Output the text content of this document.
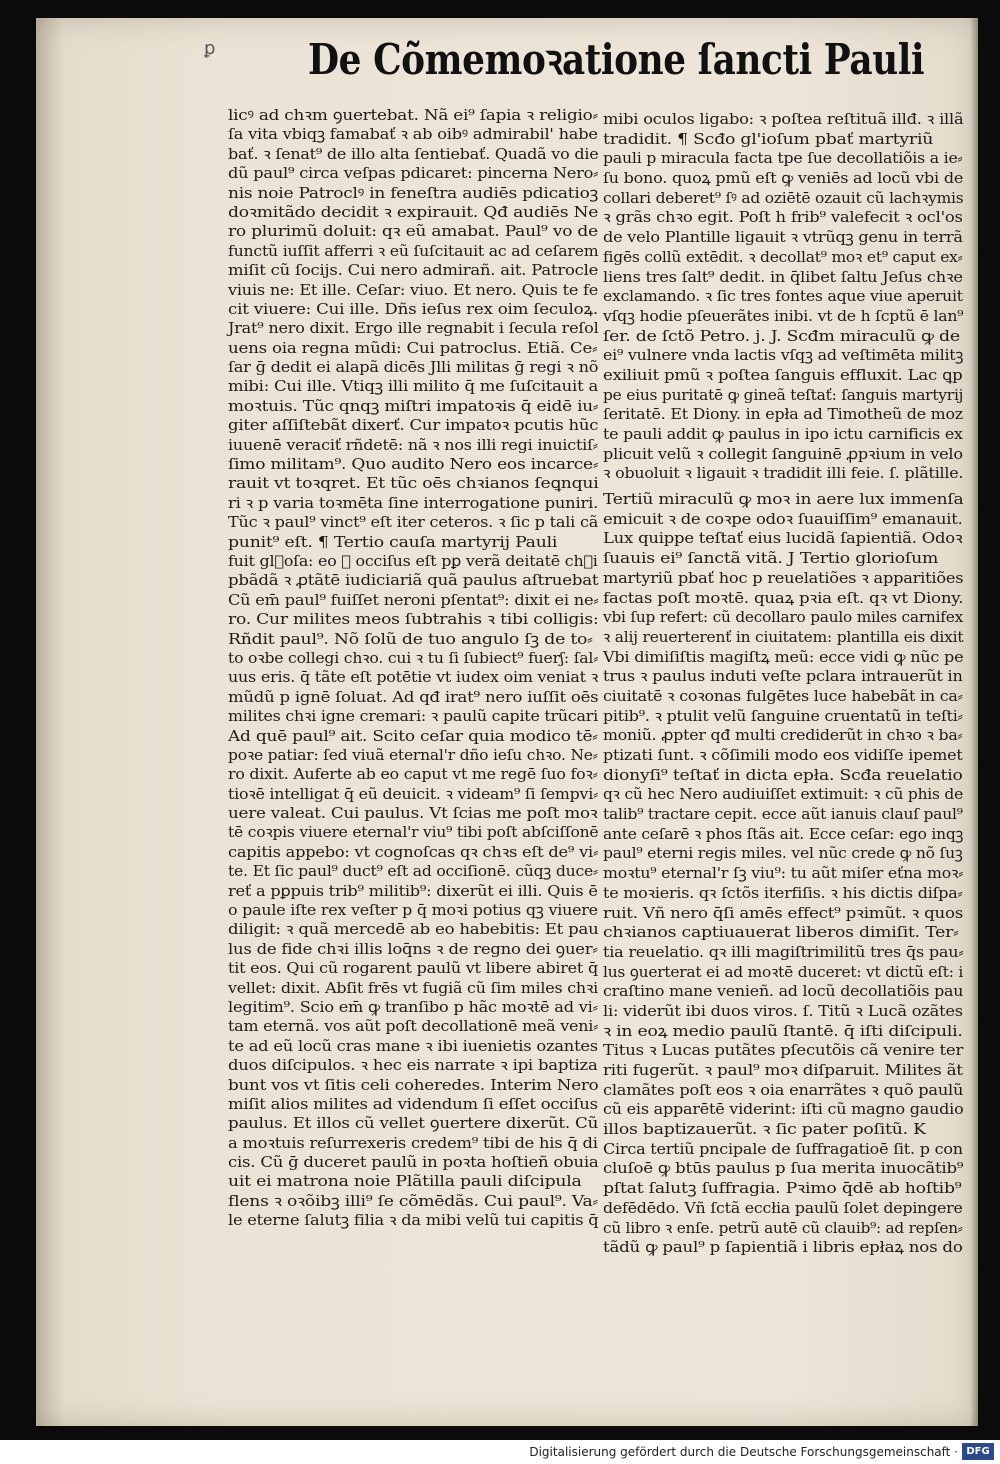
ꝑ De Cõmemoꝛatione ſancti Pauli
licꝰ ad chꝛm ꝯuertebat. Nã ei⁹ ſapia ꝛ religio⸗
ſa vita vbiqꝫ famabať ꝛ ab oibꝰ admirabil' habe
bať. ꝛ ſenat⁹ de illo alta ſentiebať. Quadã vo die
dũ paul⁹ circa veſpas pdicaret: pincerna Nero⸗
nis noie Patroclꝰ in feneſtra audiēs pdicatioꝫ
doꝛmitãdo decidit ꝛ expirauit. Qđ audiēs Ne
ro plurimũ doluit: qꝛ eũ amabat. Paul⁹ vo de
functũ iuſſit afferri ꝛ eũ ſuſcitauit ac ad ceſarem
miſit cũ ſocijs. Cui nero admirañ. ait. Patrocle
viuis ne: Et ille. Ceſar: viuo. Et nero. Quis te fe
cit viuere: Cui ille. Dñs ieſus rex oim ſeculoꝝ.
Jrat⁹ nero dixit. Ergo ille regnabit i ſecula reſol
uens oia regna mũdi: Cui patroclus. Etiã. Ce⸗
ſar ḡ dedit ei alapã dicēs Jlli militas ḡ regi ꝛ nõ
mibi: Cui ille. Vtiqꝫ illi milito q̄ me ſuſcitauit a
moꝛtuis. Tũc qnqꝫ miſtri impatoꝛis q̄ eidē iu⸗
giter aſſiſtebãt dixerť. Cur impatoꝛ pcutis hũc
iuuenē veraciť rñdetē: nã ꝛ nos illi regi inuictiſ⸗
ſimo militam⁹. Quo audito Nero eos incarce⸗
rauit vt toꝛqret. Et tũc oēs chꝛianos ſeꝗnqui
ri ꝛ p varia toꝛmēta ſine interrogatione puniri.
Tũc ꝛ paul⁹ vinct⁹ eſt iter ceteros. ꝛ ſic p tali cã
punit⁹ eſt. ¶ Tertio cauſa martyrij Pauli
fuit glᷓoſa: eo ꝙ occiſus eſt pꝑ verã deitatē chꝛi
pbãdã ꝛ ꝓtãtē iudiciariã quã paulus aſtruebat
Cũ em̄ paul⁹ fuiſſet neroni pſentat⁹: dixit ei ne⸗
ro. Cur milites meos ſubtrahis ꝛ tibi colligis:
Rñdit paul⁹. Nõ ſolũ de tuo angulo ſꝫ de to⸗
to oꝛbe collegi chꝛo. cui ꝛ tu ſi ſubiect⁹ fuerʃ: ſal⸗
uus eris. q̄ tãte eſt potētie vt iudex oim veniat ꝛ
mũdũ p ignē ſoluat. Ad qđ irat⁹ nero iuſſit oēs
milites chꝛi igne cremari: ꝛ paulũ capite trũcari
Ad quē paul⁹ ait. Scito ceſar quia modico tē⸗
poꝛe patiar: ſed viuã eternal'r dño ieſu chꝛo. Ne⸗
ro dixit. Auferte ab eo caput vt me regē ſuo foꝛ⸗
tioꝛē intelligat q̄ eũ deuicit. ꝛ videam⁹ ſi ſempvi⸗
uere valeat. Cui paulus. Vt ſcias me poſt moꝛ
tē coꝛpis viuere eternal'r viu⁹ tibi poſt abſciſſonē
capitis appebo: vt cognoſcas qꝛ chꝛs eſt de⁹ vi⸗
te. Et ſic paul⁹ duct⁹ eſt ad occiſionē. cũqꝫ duce⸗
reť a pꝑpuis trib⁹ militib⁹: dixerũt ei illi. Quis ē
o paule iſte rex veſter p q̄ moꝛi potius qꝫ viuere
diligit: ꝛ quã mercedē ab eo habebitis: Et pau
lus de fide chꝛi illis loq̄ns ꝛ de regno dei ꝯuer⸗
tit eos. Qui cũ rogarent paulũ vt libere abiret q̄
vellet: dixit. Abſit frēs vt fugiã cũ ſim miles chꝛi
legitim⁹. Scio em̄ ꝙ tranſibo p hãc moꝛtē ad vi⸗
tam eternã. vos aũt poſt decollationē meã veni⸗
te ad eũ locũ cras mane ꝛ ibi iuenietis ozantes
duos diſcipulos. ꝛ hec eis narrate ꝛ ipi baptiza
bunt vos vt ſitis celi coheredes. Interim Nero
miſit alios milites ad videndum ſi eſſet occiſus
paulus. Et illos cũ vellet ꝯuertere dixerũt. Cũ
a moꝛtuis reſurrexeris credem⁹ tibi de his q̄ di
cis. Cũ ḡ duceret paulũ in poꝛta hoſtieñ obuia
uit ei matrona noie Plãtilla pauli diſcipula
flens ꝛ oꝛõibꝫ illi⁹ ſe cõmēdãs. Cui paul⁹. Va⸗
le eterne ſalutꝫ filia ꝛ da mibi velũ tui capitis q̄
mibi oculos ligabo: ꝛ poſtea reſtituã illđ. ꝛ illã
tradidit. ¶ Scđo gl'ioſum pbať martyriũ
pauli p miracula facta tpe ſue decollatiõis a ie⸗
ſu bono. quoꝝ pmũ eſt ꝙ veniēs ad locũ vbi de
collari deberet⁹ ſꝰ ad oziētē ozauit cũ lachꝛymis
ꝛ grãs chꝛo egit. Poſt h frib⁹ valefecit ꝛ ocl'os
de velo Plantille ligauit ꝛ vtrũqꝫ genu in terrã
figēs collũ extēdit. ꝛ decollat⁹ moꝛ et⁹ caput ex⸗
liens tres ſalt⁹ dedit. in q̄libet ſaltu Jeſus chꝛe
exclamando. ꝛ ſic tres fontes aque viue aperuit
vſqꝫ hodie pſeuerãtes inibi. vt de h ſcptũ ē lan⁹
ſer. de ſctõ Petro. j. J. Scđm miraculũ ꝙ de
ei⁹ vulnere vnda lactis vſqꝫ ad veſtimēta militꝫ
exiliuit pmũ ꝛ poſtea ſanguis effluxit. Lac ꝗp
pe eius puritatē ꝙ gineã teſtať: ſanguis martyrij
ſeritatē. Et Diony. in epła ad Timotheũ de moz
te pauli addit ꝙ paulus in ipo ictu carnificis ex
plicuit velũ ꝛ collegit ſanguinē ꝓpꝛium in velo
ꝛ obuoluit ꝛ ligauit ꝛ tradidit illi feie. ſ. plãtille.
Tertiũ miraculũ ꝙ moꝛ in aere lux immenſa
emicuit ꝛ de coꝛpe odoꝛ ſuauiſſim⁹ emanauit.
Lux quippe teſtať eius lucidã ſapientiã. Odoꝛ
ſuauis ei⁹ ſanctã vitã. J Tertio glorioſum
martyriũ pbať hoc p reuelatiões ꝛ apparitiões
factas poſt moꝛtē. quaꝝ pꝛia eſt. qꝛ vt Diony.
vbi ſup refert: cũ decollaro paulo miles carnifex
ꝛ alij reuerterenť in ciuitatem: plantilla eis dixit
Vbi dimiſiſtis magiſtꝝ meũ: ecce vidi ꝙ nũc pe
trus ꝛ paulus induti veſte pclara intrauerũt in
ciuitatē ꝛ coꝛonas fulgētes luce habebãt in ca⸗
pitib⁹. ꝛ ptulit velũ ſanguine cruentatũ in teſti⸗
moniũ. ꝓpter qđ multi crediderũt in chꝛo ꝛ ba⸗
ptizati ſunt. ꝛ cõſimili modo eos vidiſſe ipemet
dionyſi⁹ teſtať in dicta epła. Scđa reuelatio
qꝛ cũ hec Nero audiuiſſet extimuit: ꝛ cũ phis de
talib⁹ tractare cepit. ecce aũt ianuis clauſ paul⁹
ante ceſarē ꝛ phos ſtãs ait. Ecce ceſar: ego inqꝫ
paul⁹ eterni regis miles. vel nũc crede ꝙ nõ ſuꝫ
moꝛtu⁹ eternal'r ſꝫ viu⁹: tu aũt miſer eťna moꝛ⸗
te moꝛieris. qꝛ ſctõs iterfiſis. ꝛ his dictis diſpa⸗
ruit. Vñ nero q̄ſi amēs effect⁹ pꝛimũt. ꝛ quos
chꝛianos captiuauerat liberos dimiſit. Ter⸗
tia reuelatio. qꝛ illi magiſtrimilitũ tres q̄s pau⸗
lus ꝯuerterat ei ad moꝛtē duceret: vt dictũ eſt: i
craſtino mane venieñ. ad locũ decollatiõis pau
li: viderũt ibi duos viros. ſ. Titũ ꝛ Lucã ozãtes
ꝛ in eoꝝ medio paulũ ſtantē. q̄ iſti diſcipuli.
Titus ꝛ Lucas putãtes pſecutõis cã venire ter
riti fugerũt. ꝛ paul⁹ moꝛ diſparuit. Milites ãt
clamãtes poſt eos ꝛ oia enarrãtes ꝛ quõ paulũ
cũ eis apparētē viderint: iſti cũ magno gaudio
illos baptizauerũt. ꝛ ſic pater poſitũ. K
Circa tertiũ pncipale de ſuffragatioē ſit. p con
cluſoē ꝙ btūs paulus p ſua merita inuocãtib⁹
pſtat ſalutꝫ ſuffragia. Pꝛimo q̄dē ab hoſtib⁹
defēdēdo. Vñ ſctã eccłia paulũ ſolet depingere
cũ libro ꝛ enſe. petrũ autē cũ clauib⁹: ad repſen⸗
tãdũ ꝙ paul⁹ p ſapientiã i libris epłaꝝ nos do
Digitalisierung gefördert durch die Deutsche Forschungsgemeinschaft · DFG
